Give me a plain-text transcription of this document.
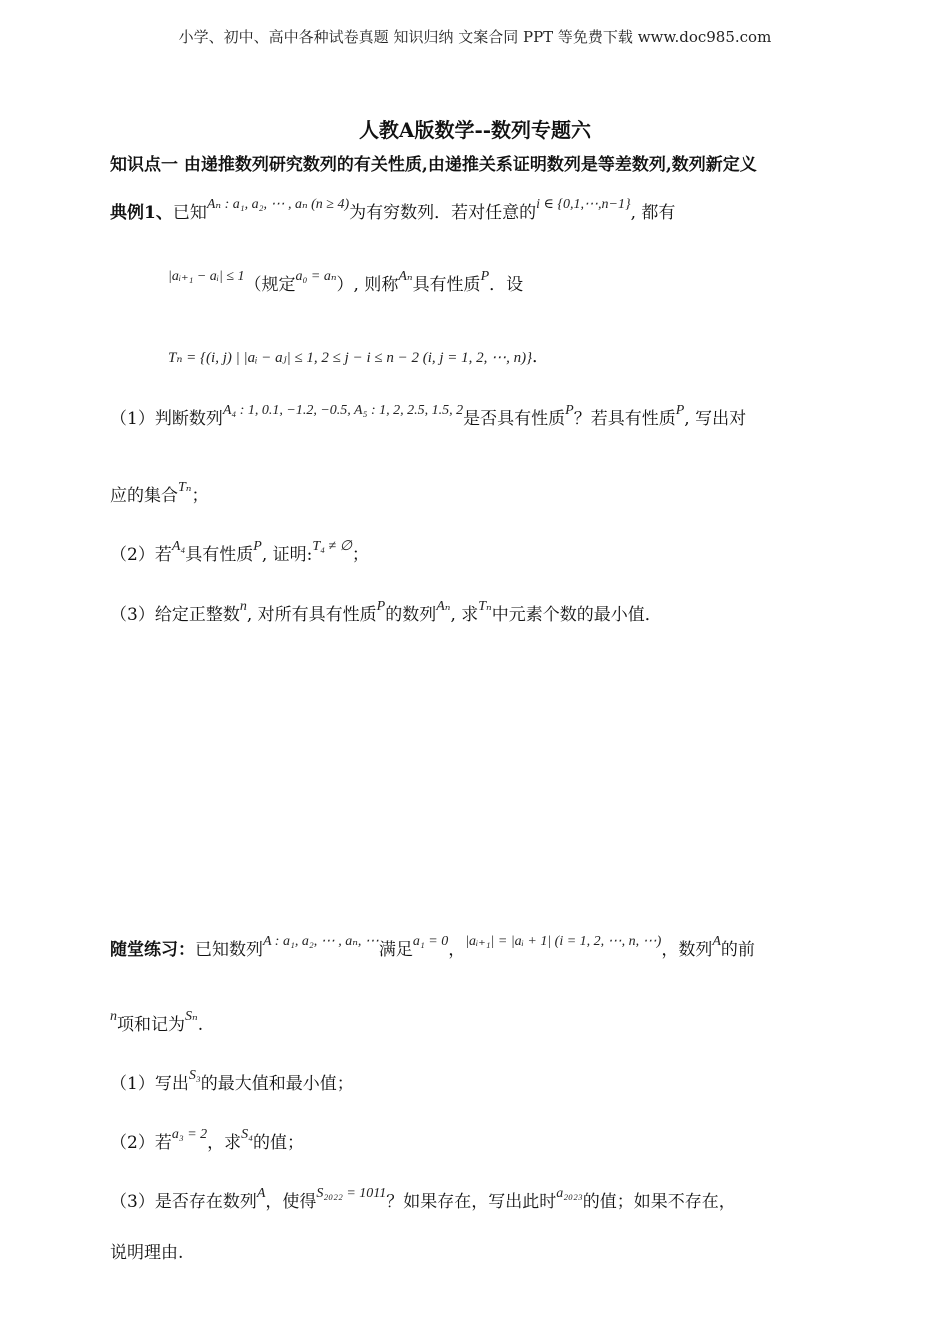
小学、初中、高中各种试卷真题 知识归纳 文案合同 PPT 等免费下载 www.doc985.com
人教A版数学--数列专题六
知识点一 由递推数列研究数列的有关性质,由递推关系证明数列是等差数列,数列新定义
典例1、已知$^{A_n : a_1, a_2, \cdots , a_n (n \ge 4)}$为有穷数列．若对任意的$^{i \in \{0,1,\cdots,n-1\}}$, 都有
$^{|aᵢ_{+1} - aᵢ| \le 1}$（规定$^{a_0 = a_n}$）, 则称$^{A_n}$具有性质$^P$．设
Tₙ = {(i, j) | |aᵢ − aⱼ| ≤ 1, 2 ≤ j − i ≤ n − 2 (i, j = 1, 2, ⋯, n)}．
（1）判断数列$^{A_4 : 1, 0.1, -1.2, -0.5, A_5 : 1, 2, 2.5, 1.5, 2}$是否具有性质$^P$？若具有性质$^P$, 写出对
应的集合$^{T_n}$；
（2）若$^{A_4}$具有性质$^P$, 证明:$^{T_4 \ne \emptyset}$；
（3）给定正整数$^n$, 对所有具有性质$^P$的数列$^{A_n}$, 求$^{T_n}$中元素个数的最小值．
随堂练习：已知数列$^{A : a_1, a_2, \cdots , a_n, \cdots}$满足$^{a_1 = 0}$，$^{|aᵢ_{+1}| = |aᵢ + 1| (i = 1, 2, \cdots, n, \cdots)}$，数列$^A$的前
$^n$项和记为$^{S_n}$.
（1）写出$^{S_3}$的最大值和最小值；
（2）若$^{a_3 = 2}$，求$^{S_4}$的值；
（3）是否存在数列$^A$，使得$^{S_{2022} = 1011}$？如果存在，写出此时$^{a_{2023}}$的值；如果不存在，
说明理由.
